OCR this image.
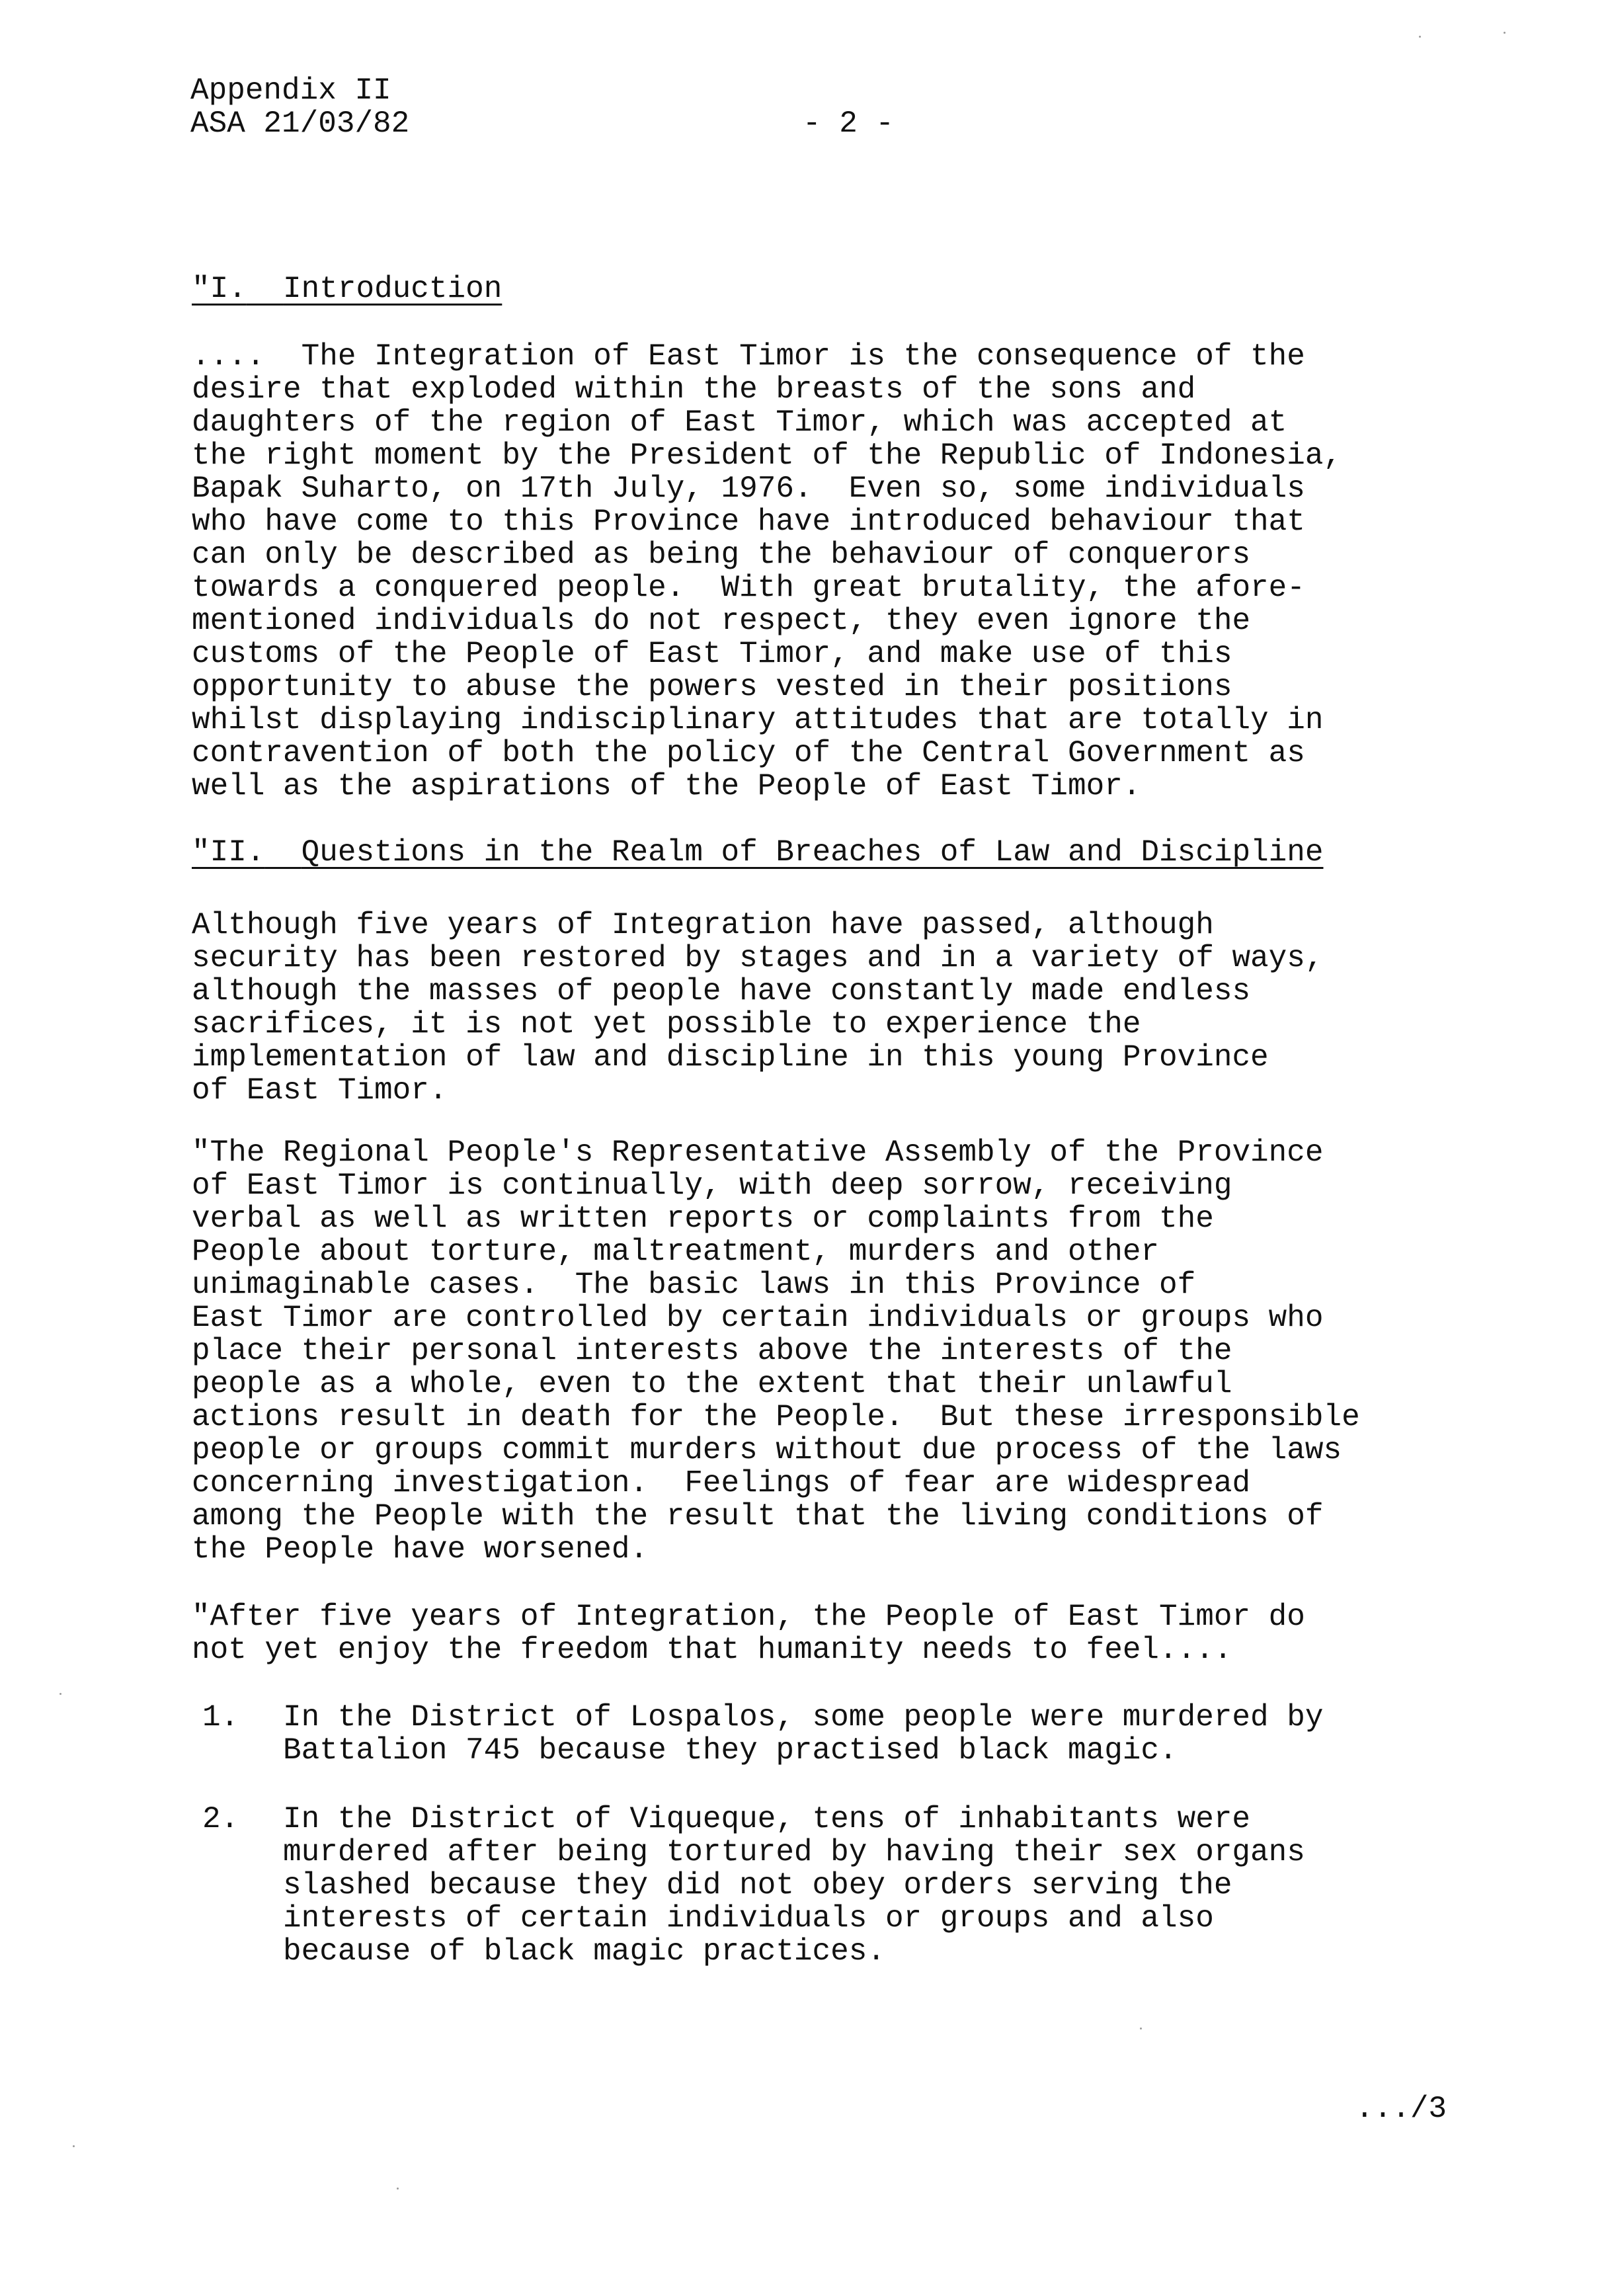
Appendix II
ASA 21/03/82	- 2 -
"I. Introduction
....  The Integration of East Timor is the consequence of the
desire that exploded within the breasts of the sons and
daughters of the region of East Timor, which was accepted at
the right moment by the President of the Republic of Indonesia,
Bapak Suharto, on 17th July, 1976.  Even so, some individuals
who have come to this Province have introduced behaviour that
can only be described as being the behaviour of conquerors
towards a conquered people.  With great brutality, the afore-
mentioned individuals do not respect, they even ignore the
customs of the People of East Timor, and make use of this
opportunity to abuse the powers vested in their positions
whilst displaying indisciplinary attitudes that are totally in
contravention of both the policy of the Central Government as
well as the aspirations of the People of East Timor.
"II. Questions in the Realm of Breaches of Law and Discipline
Although five years of Integration have passed, although
security has been restored by stages and in a variety of ways,
although the masses of people have constantly made endless
sacrifices, it is not yet possible to experience the
implementation of law and discipline in this young Province
of East Timor.
"The Regional People's Representative Assembly of the Province
of East Timor is continually, with deep sorrow, receiving
verbal as well as written reports or complaints from the
People about torture, maltreatment, murders and other
unimaginable cases.  The basic laws in this Province of
East Timor are controlled by certain individuals or groups who
place their personal interests above the interests of the
people as a whole, even to the extent that their unlawful
actions result in death for the People.  But these irresponsible
people or groups commit murders without due process of the laws
concerning investigation.  Feelings of fear are widespread
among the People with the result that the living conditions of
the People have worsened.
"After five years of Integration, the People of East Timor do
not yet enjoy the freedom that humanity needs to feel....
1.	In the District of Lospalos, some people were murdered by
Battalion 745 because they practised black magic.
2.	In the District of Viqueque, tens of inhabitants were
murdered after being tortured by having their sex organs
slashed because they did not obey orders serving the
interests of certain individuals or groups and also
because of black magic practices.
.../3
